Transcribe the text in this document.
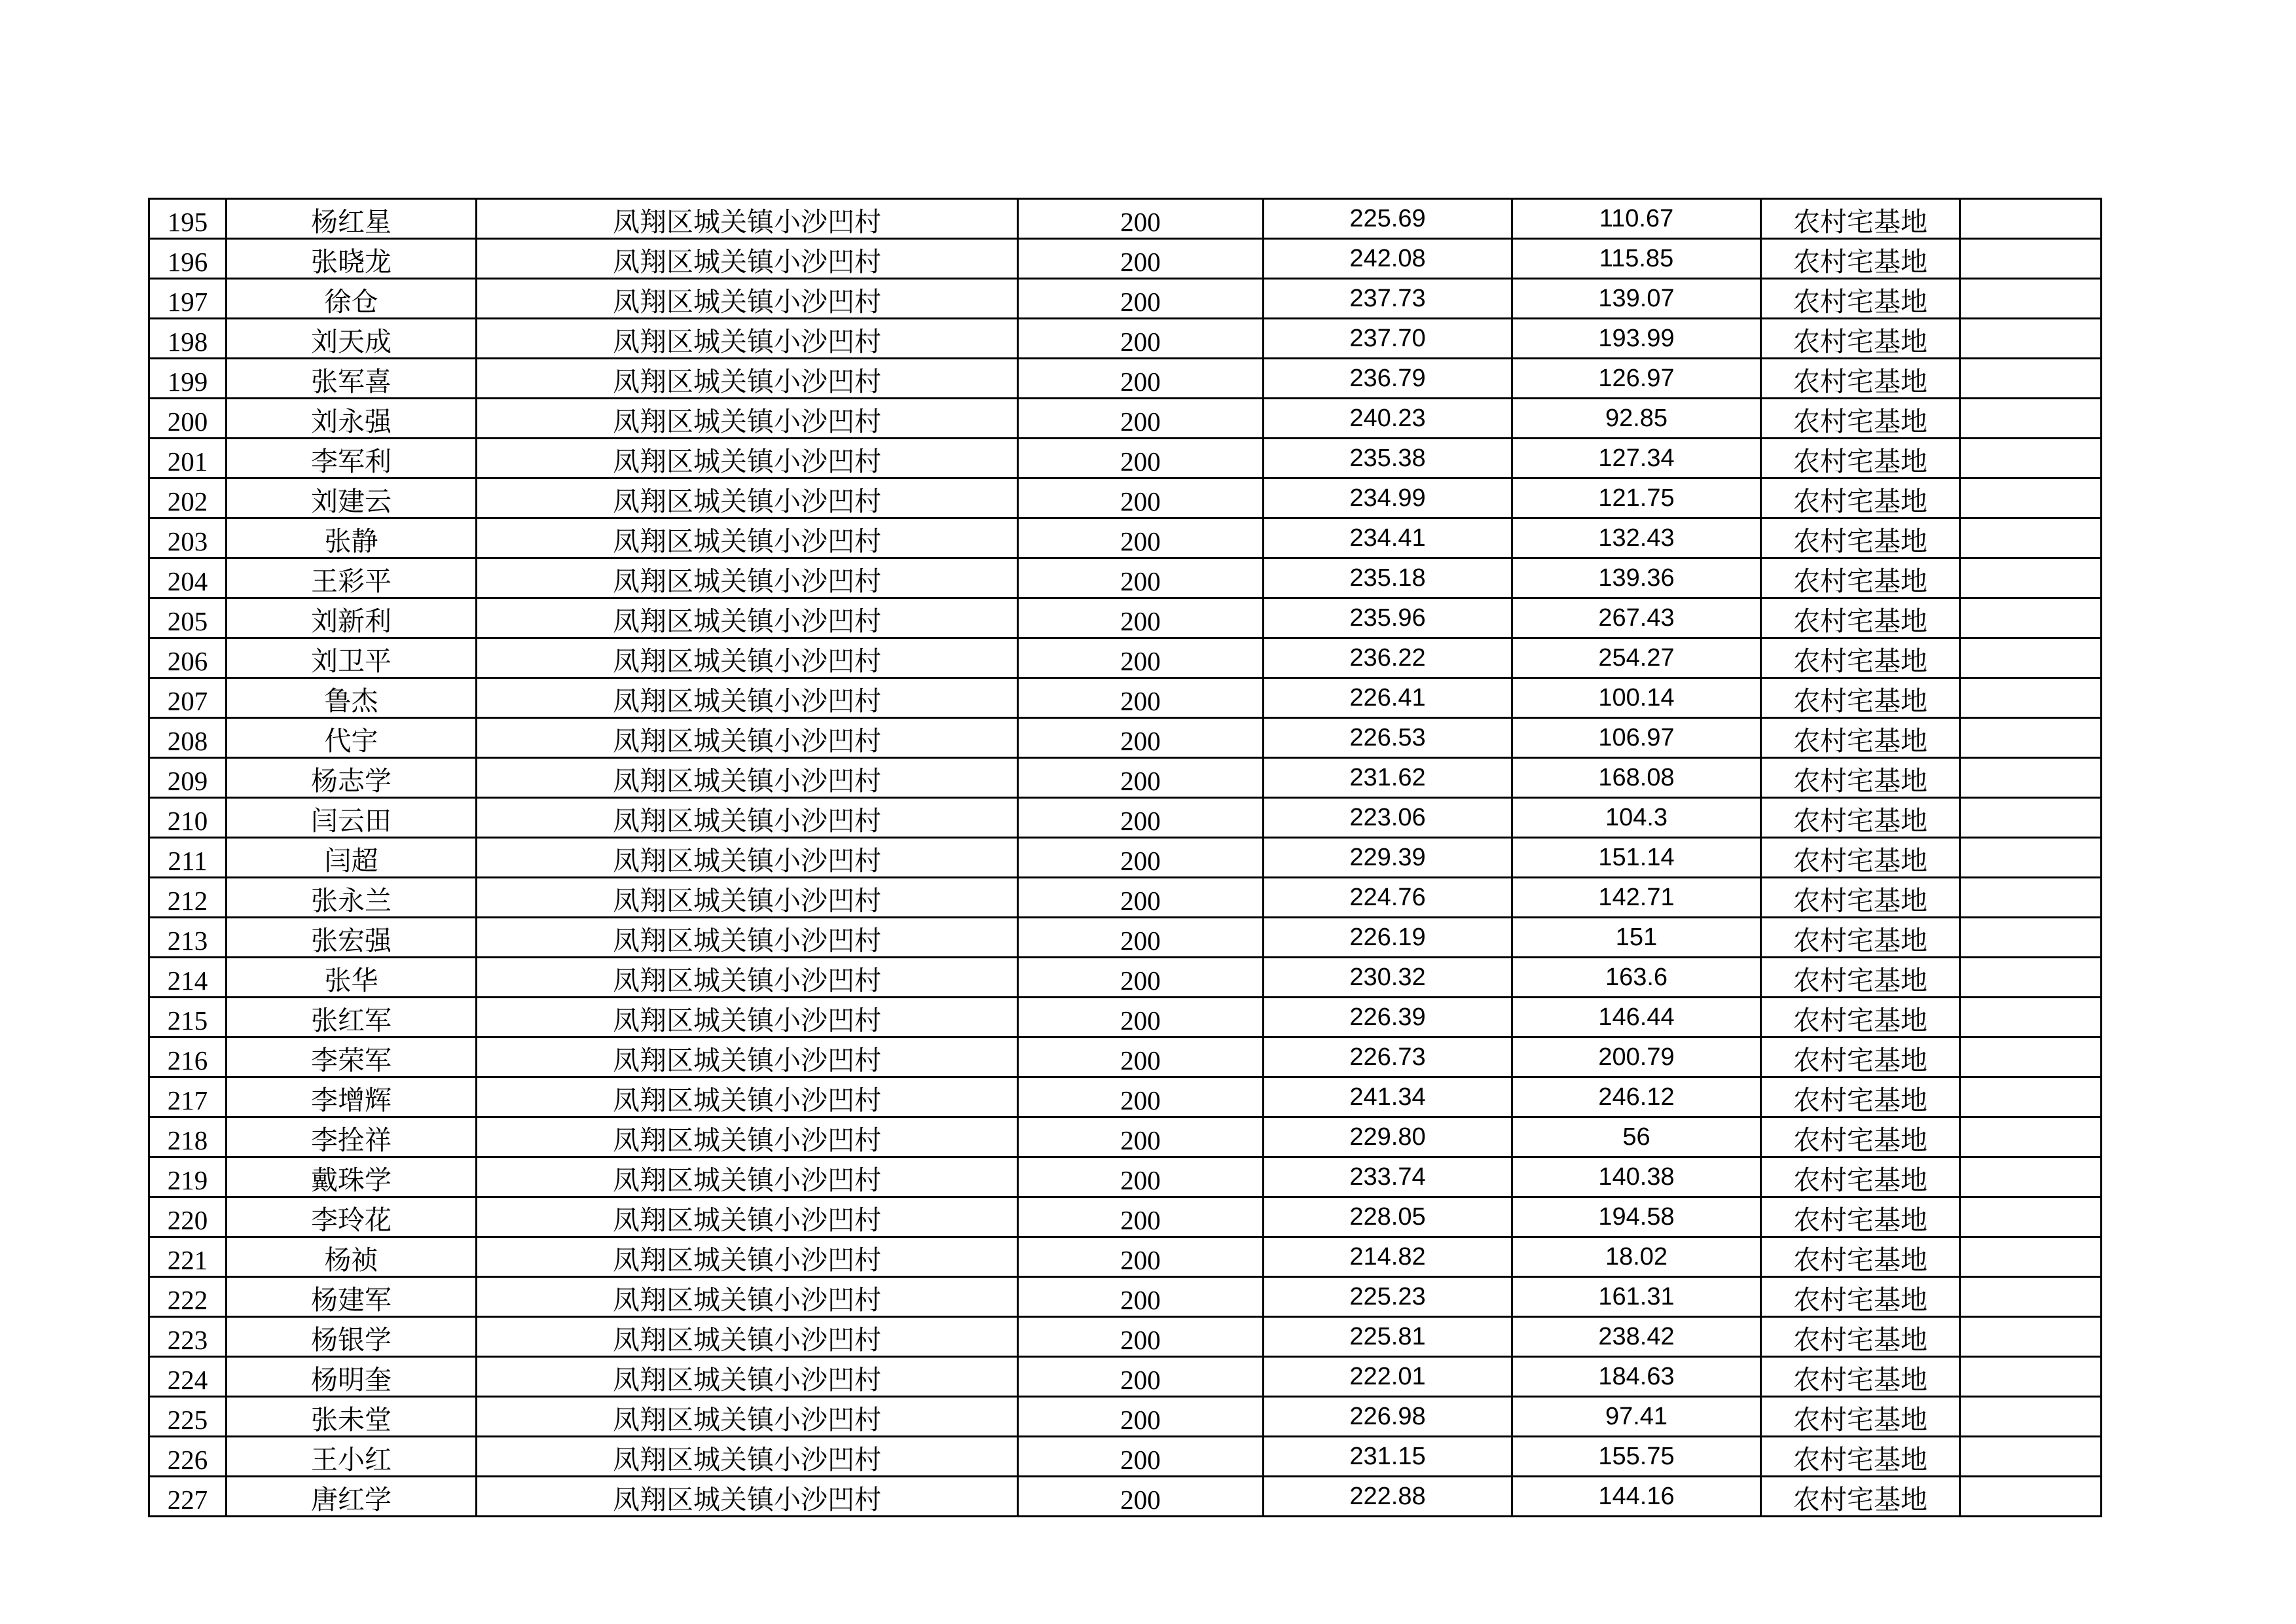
195	杨红星	凤翔区城关镇小沙凹村	200	225.69	110.67	农村宅基地	
196	张晓龙	凤翔区城关镇小沙凹村	200	242.08	115.85	农村宅基地	
197	徐仓	凤翔区城关镇小沙凹村	200	237.73	139.07	农村宅基地	
198	刘天成	凤翔区城关镇小沙凹村	200	237.70	193.99	农村宅基地	
199	张军喜	凤翔区城关镇小沙凹村	200	236.79	126.97	农村宅基地	
200	刘永强	凤翔区城关镇小沙凹村	200	240.23	92.85	农村宅基地	
201	李军利	凤翔区城关镇小沙凹村	200	235.38	127.34	农村宅基地	
202	刘建云	凤翔区城关镇小沙凹村	200	234.99	121.75	农村宅基地	
203	张静	凤翔区城关镇小沙凹村	200	234.41	132.43	农村宅基地	
204	王彩平	凤翔区城关镇小沙凹村	200	235.18	139.36	农村宅基地	
205	刘新利	凤翔区城关镇小沙凹村	200	235.96	267.43	农村宅基地	
206	刘卫平	凤翔区城关镇小沙凹村	200	236.22	254.27	农村宅基地	
207	鲁杰	凤翔区城关镇小沙凹村	200	226.41	100.14	农村宅基地	
208	代宇	凤翔区城关镇小沙凹村	200	226.53	106.97	农村宅基地	
209	杨志学	凤翔区城关镇小沙凹村	200	231.62	168.08	农村宅基地	
210	闫云田	凤翔区城关镇小沙凹村	200	223.06	104.3	农村宅基地	
211	闫超	凤翔区城关镇小沙凹村	200	229.39	151.14	农村宅基地	
212	张永兰	凤翔区城关镇小沙凹村	200	224.76	142.71	农村宅基地	
213	张宏强	凤翔区城关镇小沙凹村	200	226.19	151	农村宅基地	
214	张华	凤翔区城关镇小沙凹村	200	230.32	163.6	农村宅基地	
215	张红军	凤翔区城关镇小沙凹村	200	226.39	146.44	农村宅基地	
216	李荣军	凤翔区城关镇小沙凹村	200	226.73	200.79	农村宅基地	
217	李增辉	凤翔区城关镇小沙凹村	200	241.34	246.12	农村宅基地	
218	李拴祥	凤翔区城关镇小沙凹村	200	229.80	56	农村宅基地	
219	戴珠学	凤翔区城关镇小沙凹村	200	233.74	140.38	农村宅基地	
220	李玲花	凤翔区城关镇小沙凹村	200	228.05	194.58	农村宅基地	
221	杨祯	凤翔区城关镇小沙凹村	200	214.82	18.02	农村宅基地	
222	杨建军	凤翔区城关镇小沙凹村	200	225.23	161.31	农村宅基地	
223	杨银学	凤翔区城关镇小沙凹村	200	225.81	238.42	农村宅基地	
224	杨明奎	凤翔区城关镇小沙凹村	200	222.01	184.63	农村宅基地	
225	张未堂	凤翔区城关镇小沙凹村	200	226.98	97.41	农村宅基地	
226	王小红	凤翔区城关镇小沙凹村	200	231.15	155.75	农村宅基地	
227	唐红学	凤翔区城关镇小沙凹村	200	222.88	144.16	农村宅基地	
